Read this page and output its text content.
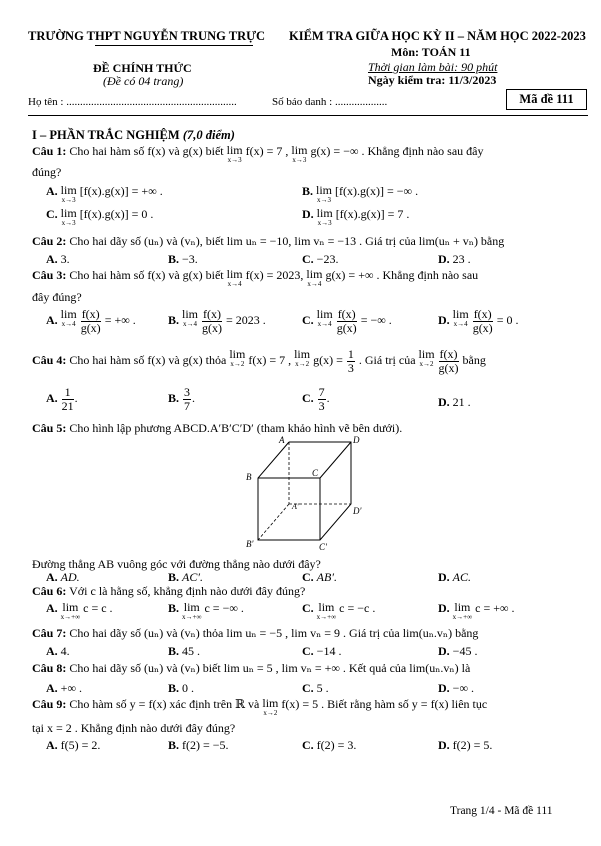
TRƯỜNG THPT NGUYỄN TRUNG TRỰC KIỂM TRA GIỮA HỌC KỲ II – NĂM HỌC 2022-2023
Môn: TOÁN 11
ĐỀ CHÍNH THỨC
(Đề có 04 trang)
Thời gian làm bài: 90 phút
Ngày kiểm tra: 11/3/2023
Họ tên : ..............................................................	Số báo danh : ...................	Mã đề 111
I – PHẦN TRẮC NGHIỆM (7,0 điểm)
Câu 1: Cho hai hàm số f(x) và g(x) biết lim
x→3
f(x) = 7 , lim
x→3
g(x) = −∞ . Khẳng định nào sau đây
đúng?
A. lim
x→3
[f(x).g(x)] = +∞ .	B. lim
x→3
[f(x).g(x)] = −∞ .
C. lim
x→3
[f(x).g(x)] = 0 .	D. lim
x→3
[f(x).g(x)] = 7 .
Câu 2: Cho hai dãy số (uₙ) và (vₙ), biết lim uₙ = −10, lim vₙ = −13 . Giá trị của lim(uₙ + vₙ) bằng
A. 3.	B. −3.	C. −23.	D. 23 .
Câu 3: Cho hai hàm số f(x) và g(x) biết lim
x→4
f(x) = 2023, lim
x→4
g(x) = +∞ . Khẳng định nào sau
đây đúng?
A. lim
x→4
$\frac{f(x)}{g(x)}$ = +∞ .	B. lim
x→4
$\frac{f(x)}{g(x)} = 2023$ .	C. lim
x→4
$\frac{f(x)}{g(x)}$ = −∞ .	D. lim
x→4
$\frac{f(x)}{g(x)} = 0$ .
Câu 4: Cho hai hàm số f(x) và g(x) thỏa lim
x→2 f(x) = 7 , lim
x→2 $g(x) = \frac{1}{3}$ . Giá trị của lim
x→2
$\frac{f(x)}{g(x)}$ bằng
A. $\frac{1}{21}$ .	B. $\frac{3}{7}$ .	C. $\frac{7}{3}$ .	D. 21 .
Câu 5: Cho hình lập phương ABCD.A′B′C′D′ (tham khảo hình vẽ bên dưới).
A	D
B	C
A'	D'
B'	C'
Đường thẳng AB vuông góc với đường thẳng nào dưới đây?
A. AD.	B. AC′.	C. AB′.	D. AC.
Câu 6: Với c là hằng số, khẳng định nào dưới đây đúng?
A. lim
x→+∞
c = c .	B. lim
x→+∞
c = −∞ .	C. lim
x→+∞
c = −c .	D. lim
x→+∞
c = +∞ .
Câu 7: Cho hai dãy số (uₙ) và (vₙ) thỏa lim uₙ = −5 , lim vₙ = 9 . Giá trị của lim(uₙ.vₙ) bằng
A. 4.	B. 45 .	C. −14 .	D. −45 .
Câu 8: Cho hai dãy số (uₙ) và (vₙ) biết lim uₙ = 5 , lim vₙ = +∞ . Kết quả của lim(uₙ.vₙ) là
A. +∞ .	B. 0 .	C. 5 .	D. −∞ .
Câu 9: Cho hàm số y = f(x) xác định trên ℝ và lim
x→2
f(x) = 5 . Biết rằng hàm số y = f(x) liên tục
tại x = 2 . Khẳng định nào dưới đây đúng?
A. f(5) = 2.	B. f(2) = −5.	C. f(2) = 3.	D. f(2) = 5.
Trang 1/4 - Mã đề 111
